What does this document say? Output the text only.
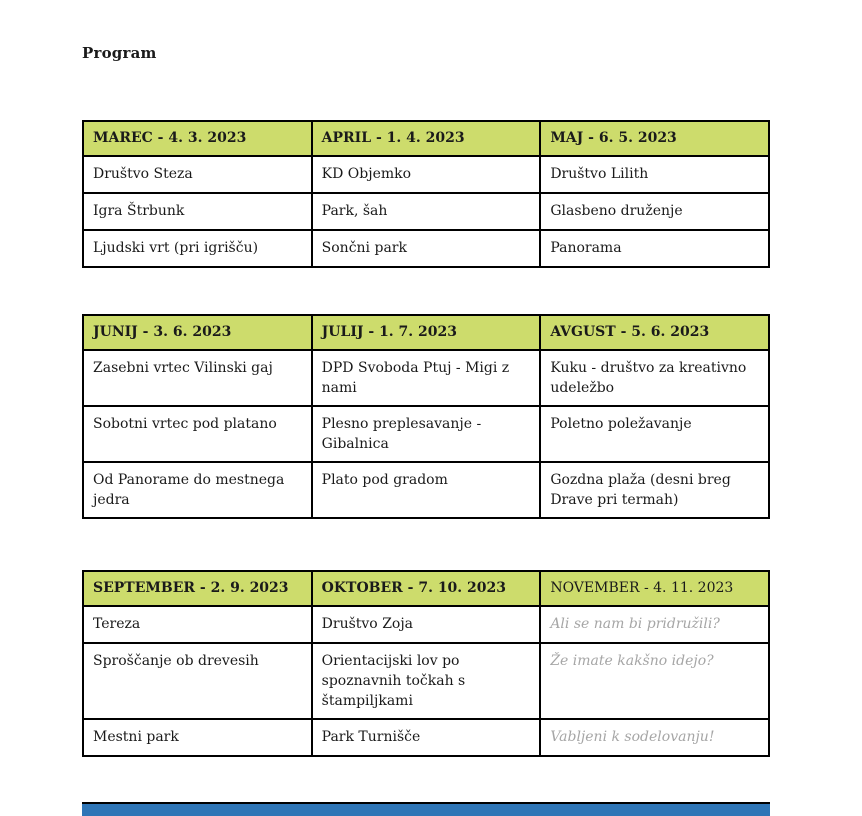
Program
MAREC - 4. 3. 2023	APRIL - 1. 4. 2023	MAJ - 6. 5. 2023
Društvo Steza	KD Objemko	Društvo Lilith
Igra Štrbunk	Park, šah	Glasbeno druženje
Ljudski vrt (pri igrišču)	Sončni park	Panorama
JUNIJ - 3. 6. 2023	JULIJ - 1. 7. 2023	AVGUST - 5. 6. 2023
Zasebni vrtec Vilinski gaj	DPD Svoboda Ptuj - Migi z nami	Kuku - društvo za kreativno udeležbo
Sobotni vrtec pod platano	Plesno preplesavanje - Gibalnica	Poletno poležavanje
Od Panorame do mestnega jedra	Plato pod gradom	Gozdna plaža (desni breg Drave pri termah)
SEPTEMBER - 2. 9. 2023	OKTOBER - 7. 10. 2023	NOVEMBER - 4. 11. 2023
Tereza	Društvo Zoja	Ali se nam bi pridružili?
Sproščanje ob drevesih	Orientacijski lov po spoznavnih točkah s štampiljkami	Že imate kakšno idejo?
Mestni park	Park Turnišče	Vabljeni k sodelovanju!
